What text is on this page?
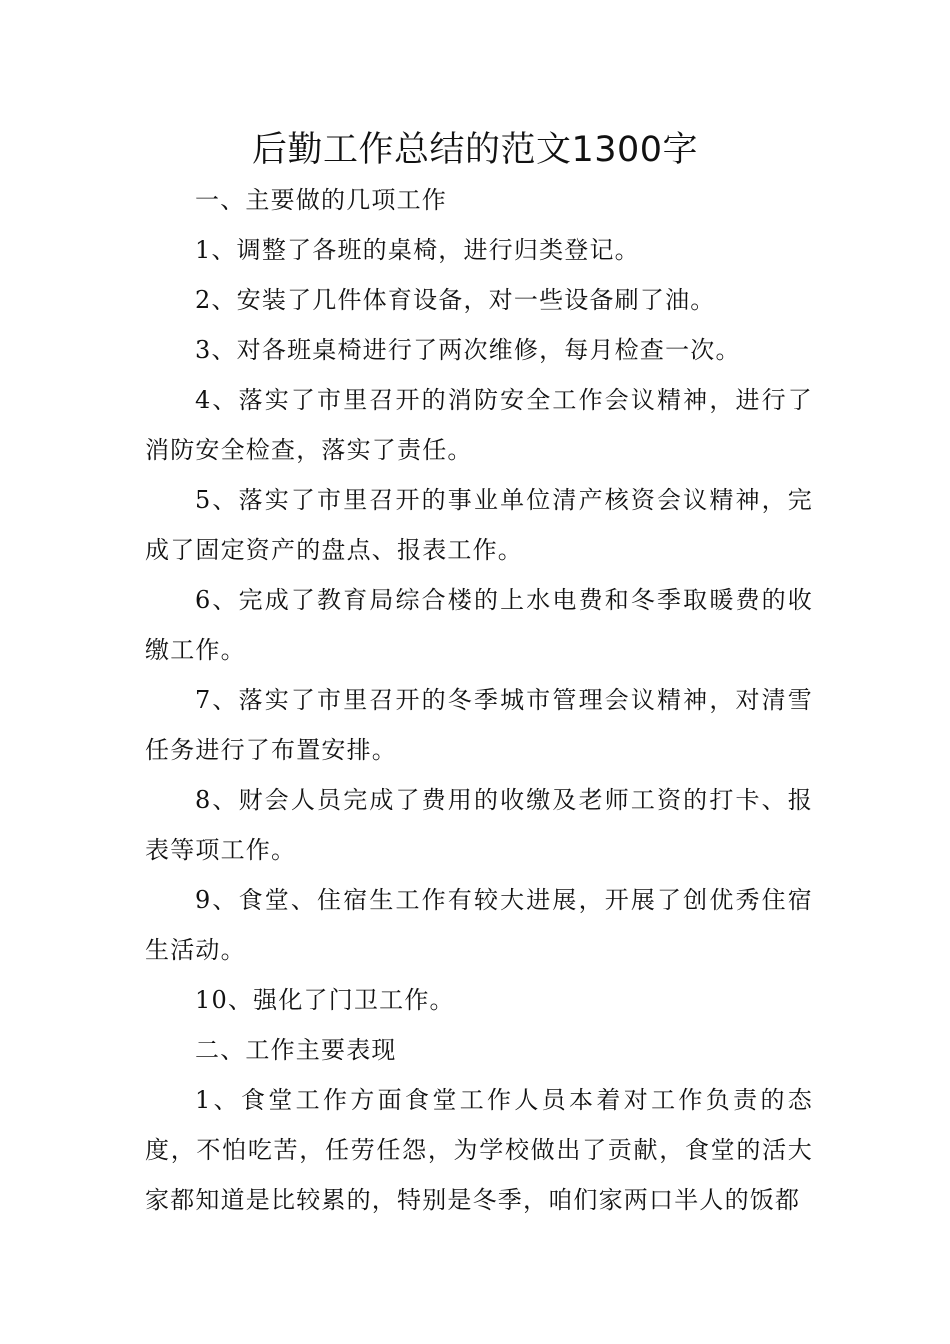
后勤工作总结的范文1300字

一、主要做的几项工作

1、调整了各班的桌椅，进行归类登记。

2、安装了几件体育设备，对一些设备刷了油。

3、对各班桌椅进行了两次维修，每月检查一次。

4、落实了市里召开的消防安全工作会议精神，进行了消防安全检查，落实了责任。

5、落实了市里召开的事业单位清产核资会议精神，完成了固定资产的盘点、报表工作。

6、完成了教育局综合楼的上水电费和冬季取暖费的收缴工作。

7、落实了市里召开的冬季城市管理会议精神，对清雪任务进行了布置安排。

8、财会人员完成了费用的收缴及老师工资的打卡、报表等项工作。

9、食堂、住宿生工作有较大进展，开展了创优秀住宿生活动。

10、强化了门卫工作。

二、工作主要表现

1、食堂工作方面食堂工作人员本着对工作负责的态度，不怕吃苦，任劳任怨，为学校做出了贡献，食堂的活大家都知道是比较累的，特别是冬季，咱们家两口半人的饭都
